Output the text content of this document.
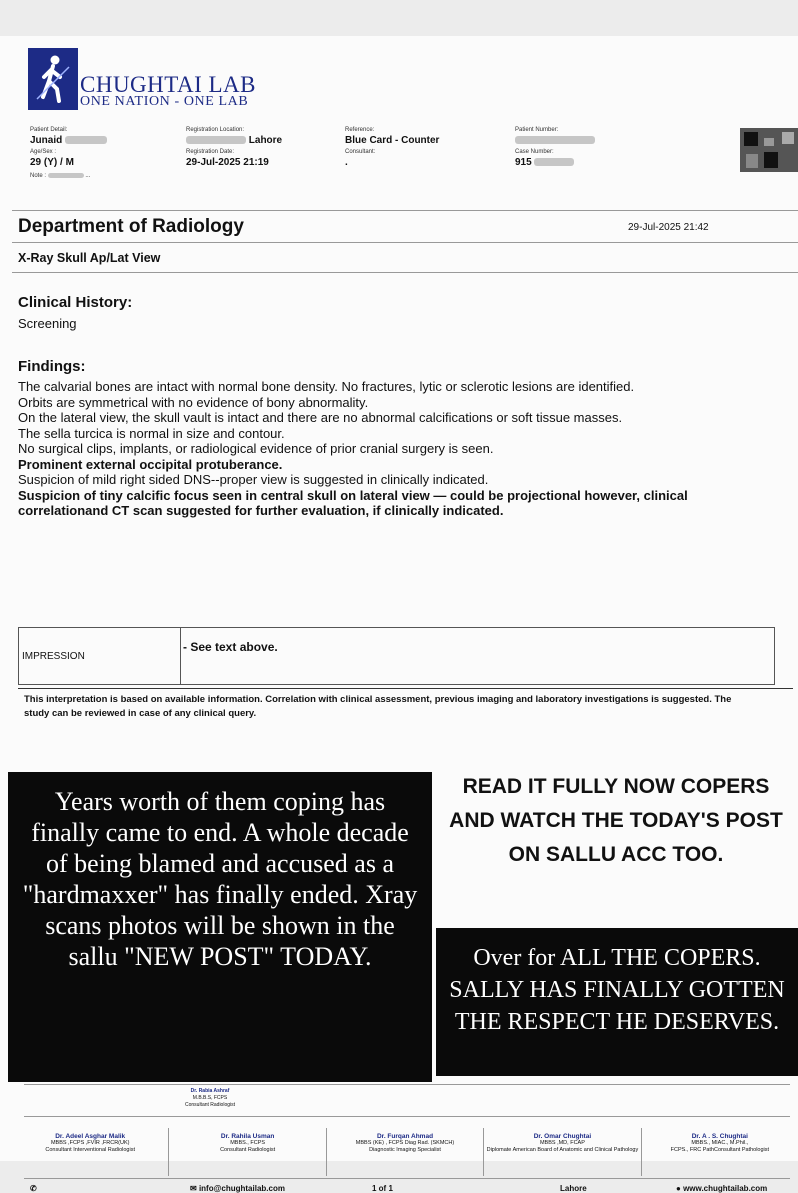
CHUGHTAI LAB
ONE NATION - ONE LAB
Patient Detail:
Junaid
Age/Sex :
29 (Y) / M
Note :	...
Registration Location:
Lahore
Registration Date:
29-Jul-2025 21:19
Reference:
Blue Card - Counter
Consultant:
.
Patient Number:
Case Number:
915
Department of Radiology	29-Jul-2025 21:42
X-Ray Skull Ap/Lat View
Clinical History:
Screening
Findings:
The calvarial bones are intact with normal bone density. No fractures, lytic or sclerotic lesions are identified.
Orbits are symmetrical with no evidence of bony abnormality.
On the lateral view, the skull vault is intact and there are no abnormal calcifications or soft tissue masses.
The sella turcica is normal in size and contour.
No surgical clips, implants, or radiological evidence of prior cranial surgery is seen.
Prominent external occipital protuberance.
Suspicion of mild right sided DNS--proper view is suggested in clinically indicated.
Suspicion of tiny calcific focus seen in central skull on lateral view — could be projectional however, clinical correlationand CT scan suggested for further evaluation, if clinically indicated.
IMPRESSION
- See text above.
This interpretation is based on available information. Correlation with clinical assessment, previous imaging and laboratory investigations is suggested. The study can be reviewed in case of any clinical query.
Years worth of them coping has finally came to end. A whole decade of being blamed and accused as a "hardmaxxer" has finally ended. Xray scans photos will be shown in the sallu "NEW POST" TODAY.
READ IT FULLY NOW COPERS AND WATCH THE TODAY'S POST ON SALLU ACC TOO.
Over for ALL THE COPERS. SALLY HAS FINALLY GOTTEN THE RESPECT HE DESERVES.
Dr. Rabia Ashraf
M.B.B.S, FCPS
Consultant Radiologist
Dr. Adeel Asghar Malik
MBBS ,FCPS ,FVIR ,FRCR(UK)
Consultant Interventional Radiologist
Dr. Rahila Usman
MBBS., FCPS
Consultant Radiologist
Dr. Furqan Ahmad
MBBS (KE) , FCPS Diag Rad. (SKMCH)
Diagnostic Imaging Specialist
Dr. Omar Chughtai
MBBS ,MD, FCAP
Diplomate American Board of Anatomic and Clinical Pathology
Dr. A . S. Chughtai
MBBS., MIAC., M.Phil.,
FCPS., FRC PathConsultant Pathologist
✆	✉ info@chughtailab.com	1 of 1	Lahore	● www.chughtailab.com
